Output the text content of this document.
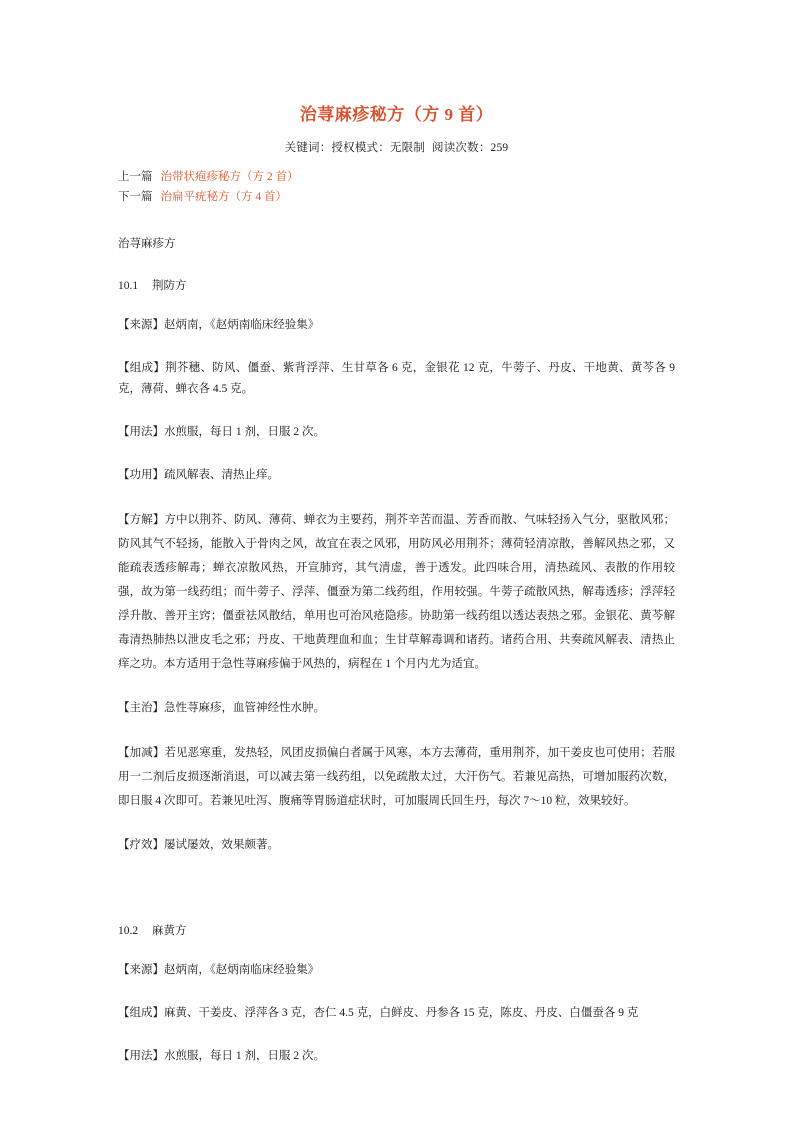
治荨麻疹秘方（方 9 首）
关键词：授权模式：无限制 阅读次数：259
上一篇 治带状疱疹秘方（方 2 首）
下一篇 治扁平疣秘方（方 4 首）
治荨麻疹方
10.1 荆防方

【来源】赵炳南，《赵炳南临床经验集》

【组成】荆芥穗、防风、僵蚕、紫背浮萍、生甘草各 6 克，金银花 12 克，牛蒡子、丹皮、干地黄、黄芩各 9 克，薄荷、蝉衣各 4.5 克。

【用法】水煎服，每日 1 剂，日服 2 次。

【功用】疏风解表、清热止痒。

【方解】方中以荆芥、防风、薄荷、蝉衣为主要药，荆芥辛苦而温、芳香而散、气味轻扬入气分，驱散风邪；防风其气不轻扬，能散入于骨肉之风，故宜在表之风邪，用防风必用荆芥；薄荷轻清凉散，善解风热之邪，又能疏表透疹解毒；蝉衣凉散风热，开宣肺窍，其气清虚，善于透发。此四味合用，清热疏风、表散的作用较强，故为第一线药组；而牛蒡子、浮萍、僵蚕为第二线药组，作用较强。牛蒡子疏散风热，解毒透疹；浮萍轻浮升散、善开主窍；僵蚕祛风散结，单用也可治风疮隐疹。协助第一线药组以透达表热之邪。金银花、黄芩解毒清热肺热以泄皮毛之邪；丹皮、干地黄理血和血；生甘草解毒调和诸药。诸药合用、共奏疏风解表、清热止痒之功。本方适用于急性荨麻疹偏于风热的，病程在 1 个月内尤为适宜。

【主治】急性荨麻疹，血管神经性水肿。

【加减】若见恶寒重，发热轻，风团皮损偏白者属于风寒，本方去薄荷，重用荆芥，加干姜皮也可使用；若服用一二剂后皮损逐渐消退，可以减去第一线药组，以免疏散太过，大汗伤气。若兼见高热，可增加服药次数，即日服 4 次即可。若兼见吐泻、腹痛等胃肠道症状时，可加服周氏回生丹，每次 7～10 粒，效果较好。

【疗效】屡试屡效，效果颇著。

10.2 麻黄方

【来源】赵炳南，《赵炳南临床经验集》

【组成】麻黄、干姜皮、浮萍各 3 克，杏仁 4.5 克，白鲜皮、丹参各 15 克，陈皮、丹皮、白僵蚕各 9 克

【用法】水煎服，每日 1 剂，日服 2 次。
